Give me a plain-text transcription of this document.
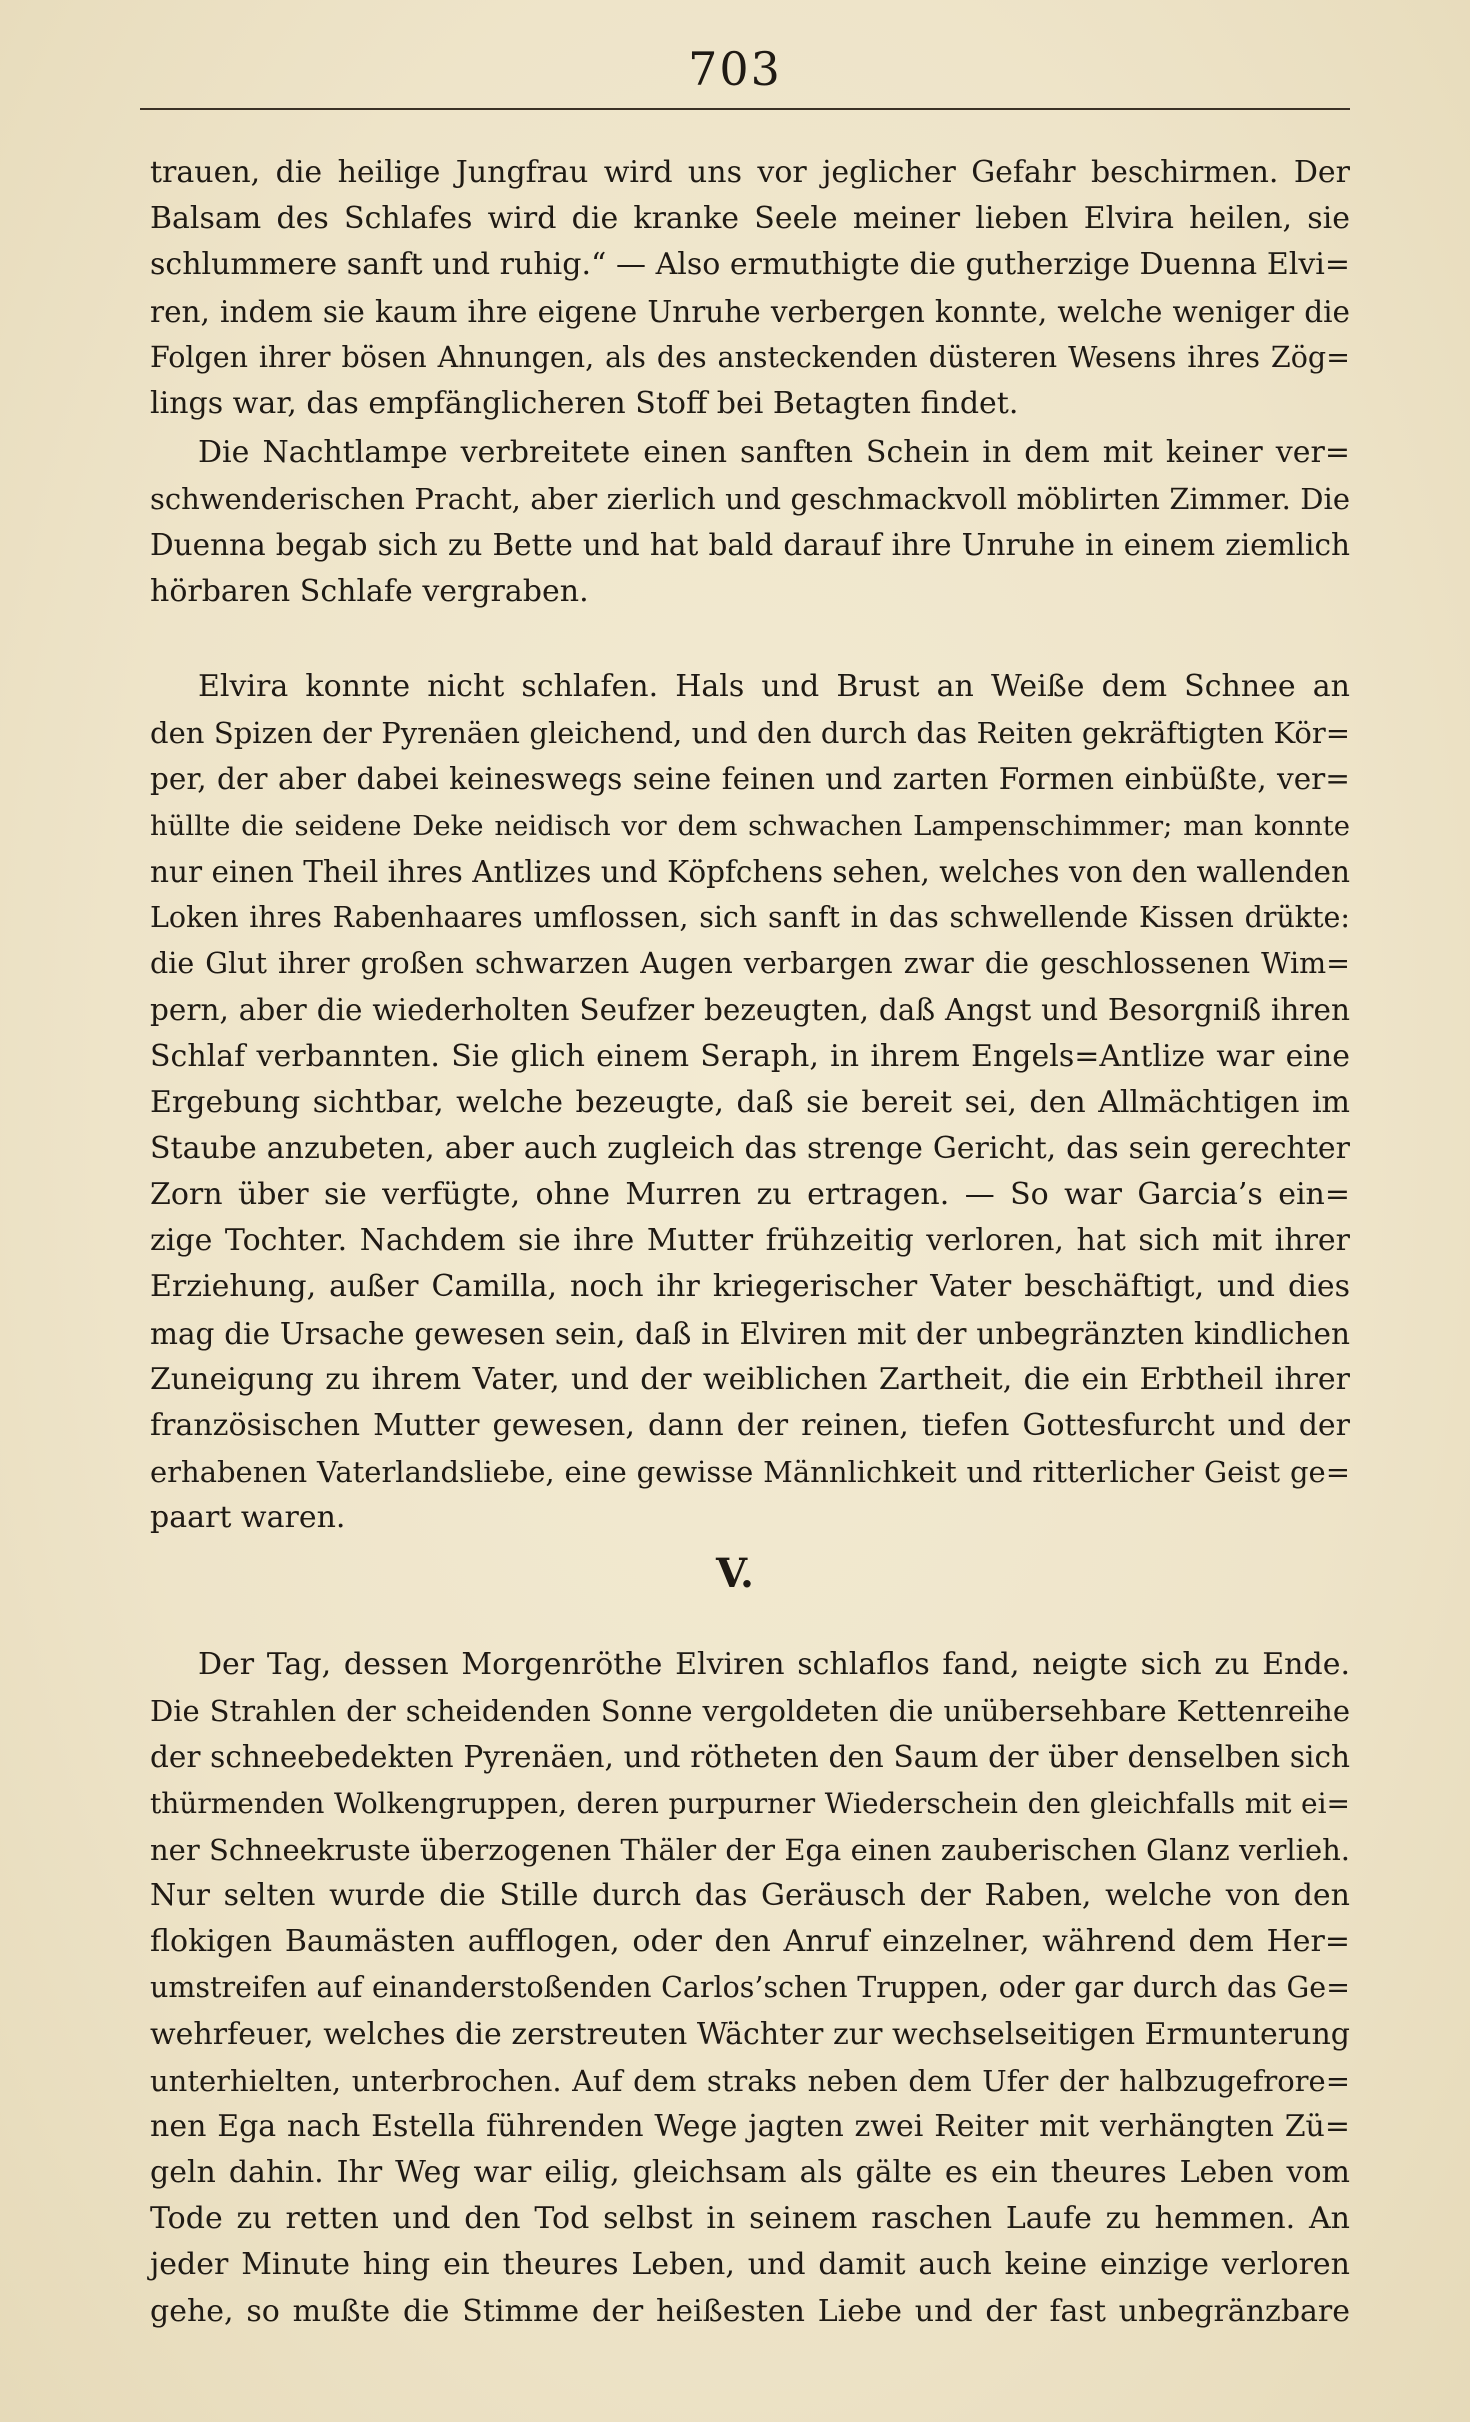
703
trauen, die heilige Jungfrau wird uns vor jeglicher Gefahr beschirmen. Der
Balsam des Schlafes wird die kranke Seele meiner lieben Elvira heilen, sie
schlummere sanft und ruhig.“ — Also ermuthigte die gutherzige Duenna Elvi=
ren, indem sie kaum ihre eigene Unruhe verbergen konnte, welche weniger die
Folgen ihrer bösen Ahnungen, als des ansteckenden düsteren Wesens ihres Zög=
lings war, das empfänglicheren Stoff bei Betagten findet.
Die Nachtlampe verbreitete einen sanften Schein in dem mit keiner ver=
schwenderischen Pracht, aber zierlich und geschmackvoll möblirten Zimmer. Die
Duenna begab sich zu Bette und hat bald darauf ihre Unruhe in einem ziemlich
hörbaren Schlafe vergraben.
Elvira konnte nicht schlafen. Hals und Brust an Weiße dem Schnee an
den Spizen der Pyrenäen gleichend, und den durch das Reiten gekräftigten Kör=
per, der aber dabei keineswegs seine feinen und zarten Formen einbüßte, ver=
hüllte die seidene Deke neidisch vor dem schwachen Lampenschimmer; man konnte
nur einen Theil ihres Antlizes und Köpfchens sehen, welches von den wallenden
Loken ihres Rabenhaares umflossen, sich sanft in das schwellende Kissen drükte:
die Glut ihrer großen schwarzen Augen verbargen zwar die geschlossenen Wim=
pern, aber die wiederholten Seufzer bezeugten, daß Angst und Besorgniß ihren
Schlaf verbannten. Sie glich einem Seraph, in ihrem Engels=Antlize war eine
Ergebung sichtbar, welche bezeugte, daß sie bereit sei, den Allmächtigen im
Staube anzubeten, aber auch zugleich das strenge Gericht, das sein gerechter
Zorn über sie verfügte, ohne Murren zu ertragen. — So war Garcia’s ein=
zige Tochter. Nachdem sie ihre Mutter frühzeitig verloren, hat sich mit ihrer
Erziehung, außer Camilla, noch ihr kriegerischer Vater beschäftigt, und dies
mag die Ursache gewesen sein, daß in Elviren mit der unbegränzten kindlichen
Zuneigung zu ihrem Vater, und der weiblichen Zartheit, die ein Erbtheil ihrer
französischen Mutter gewesen, dann der reinen, tiefen Gottesfurcht und der
erhabenen Vaterlandsliebe, eine gewisse Männlichkeit und ritterlicher Geist ge=
paart waren.
V.
Der Tag, dessen Morgenröthe Elviren schlaflos fand, neigte sich zu Ende.
Die Strahlen der scheidenden Sonne vergoldeten die unübersehbare Kettenreihe
der schneebedekten Pyrenäen, und rötheten den Saum der über denselben sich
thürmenden Wolkengruppen, deren purpurner Wiederschein den gleichfalls mit ei=
ner Schneekruste überzogenen Thäler der Ega einen zauberischen Glanz verlieh.
Nur selten wurde die Stille durch das Geräusch der Raben, welche von den
flokigen Baumästen aufflogen, oder den Anruf einzelner, während dem Her=
umstreifen auf einanderstoßenden Carlos’schen Truppen, oder gar durch das Ge=
wehrfeuer, welches die zerstreuten Wächter zur wechselseitigen Ermunterung
unterhielten, unterbrochen. Auf dem straks neben dem Ufer der halbzugefrore=
nen Ega nach Estella führenden Wege jagten zwei Reiter mit verhängten Zü=
geln dahin. Ihr Weg war eilig, gleichsam als gälte es ein theures Leben vom
Tode zu retten und den Tod selbst in seinem raschen Laufe zu hemmen. An
jeder Minute hing ein theures Leben, und damit auch keine einzige verloren
gehe, so mußte die Stimme der heißesten Liebe und der fast unbegränzbare
